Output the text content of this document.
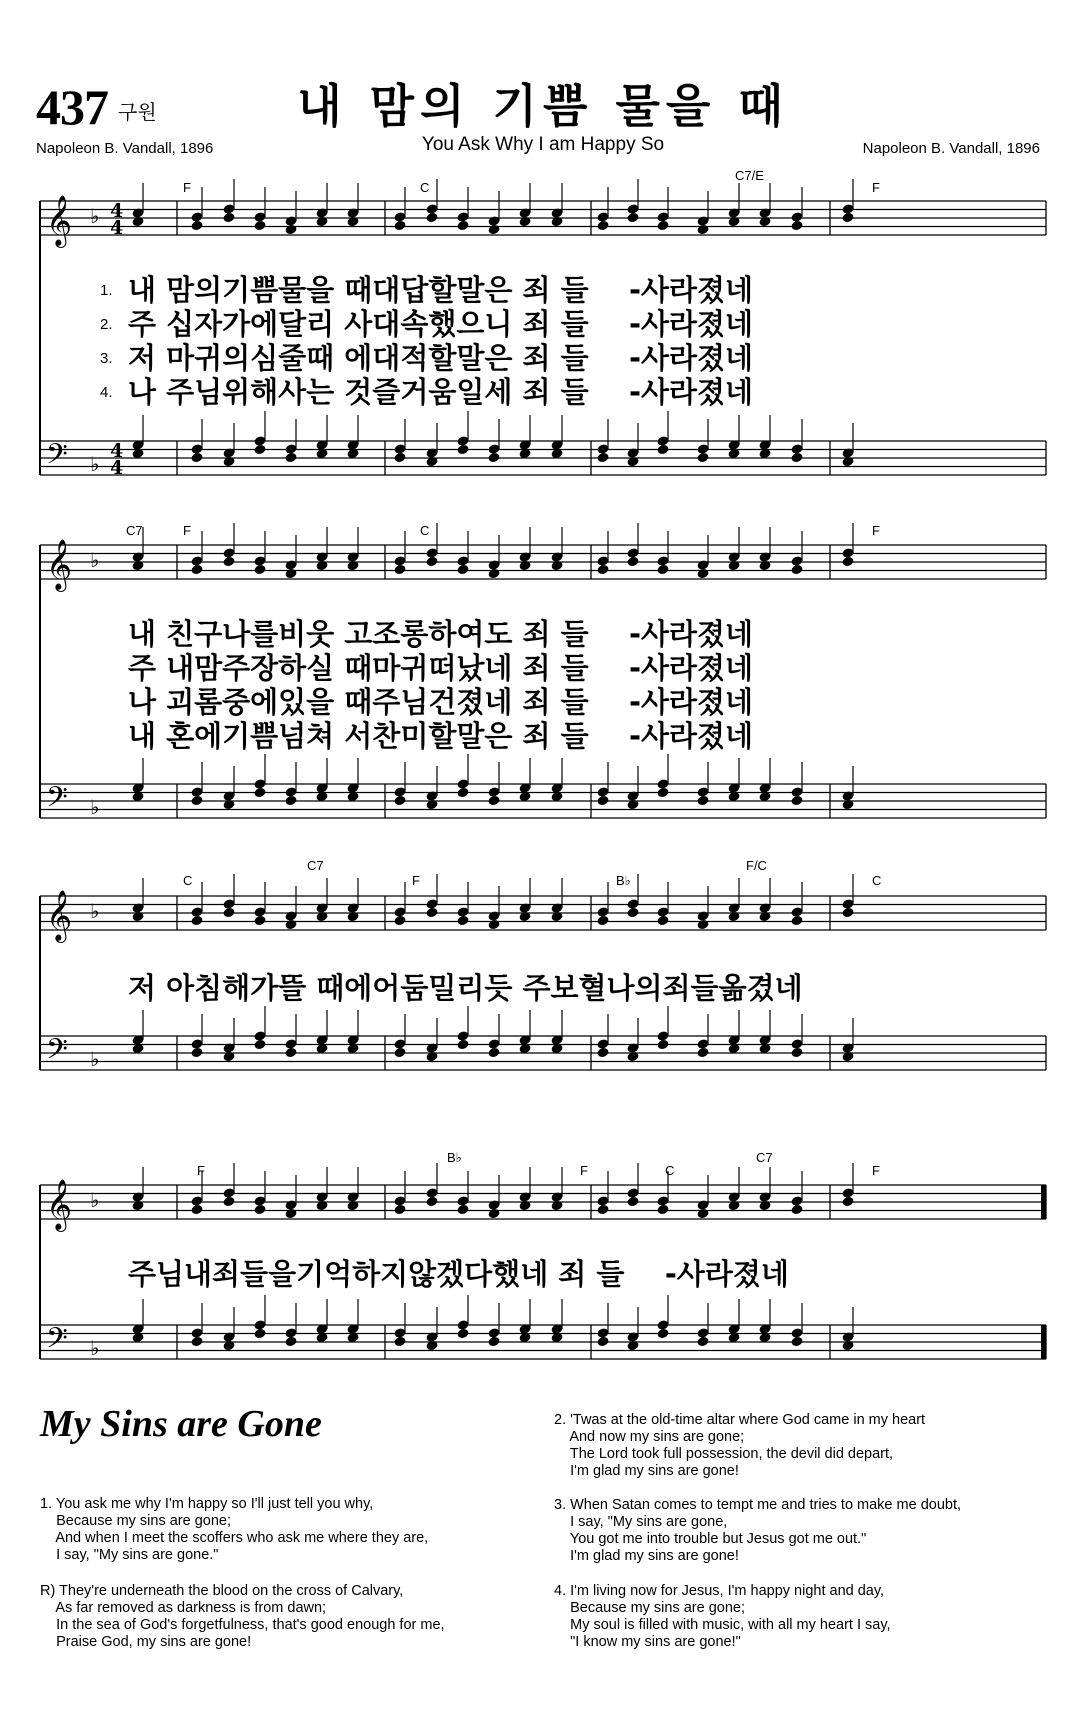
437 구원	내 맘의 기쁨 물을 때
You Ask Why I am Happy So
Napoleon B. Vandall, 1896	Napoleon B. Vandall, 1896
𝄞
𝄢
♭
♭
4
4
4
4
𝄞
𝄢
♭
♭
𝄞
𝄢
♭
♭
𝄞
𝄢
♭
♭
F	C
C7/E
F
C7	F	C	F
C
C7
F	B♭
F/C
C
F
B♭
F	C
C7
F
1. 내 맘의기쁨물을 때대답할말은 죄 들    -사라졌네
2. 주 십자가에달리 사대속했으니 죄 들    -사라졌네
3. 저 마귀의심줄때 에대적할말은 죄 들    -사라졌네
4. 나 주님위해사는 것즐거움일세 죄 들    -사라졌네
내 친구나를비웃 고조롱하여도 죄 들    -사라졌네
주 내맘주장하실 때마귀떠났네 죄 들    -사라졌네
나 괴롬중에있을 때주님건졌네 죄 들    -사라졌네
내 혼에기쁨넘쳐 서찬미할말은 죄 들    -사라졌네
저 아침해가뜰 때에어둠밀리듯 주보혈나의죄들옮겼네
주님내죄들을기억하지않겠다했네 죄 들    -사라졌네
My Sins are Gone
1. You ask me why I'm happy so I'll just tell you why,
Because my sins are gone;
And when I meet the scoffers who ask me where they are,
I say, "My sins are gone."
R) They're underneath the blood on the cross of Calvary,
As far removed as darkness is from dawn;
In the sea of God's forgetfulness, that's good enough for me,
Praise God, my sins are gone!
2. 'Twas at the old-time altar where God came in my heart
And now my sins are gone;
The Lord took full possession, the devil did depart,
I'm glad my sins are gone!
3. When Satan comes to tempt me and tries to make me doubt,
I say, "My sins are gone,
You got me into trouble but Jesus got me out."
I'm glad my sins are gone!
4. I'm living now for Jesus, I'm happy night and day,
Because my sins are gone;
My soul is filled with music, with all my heart I say,
"I know my sins are gone!"
